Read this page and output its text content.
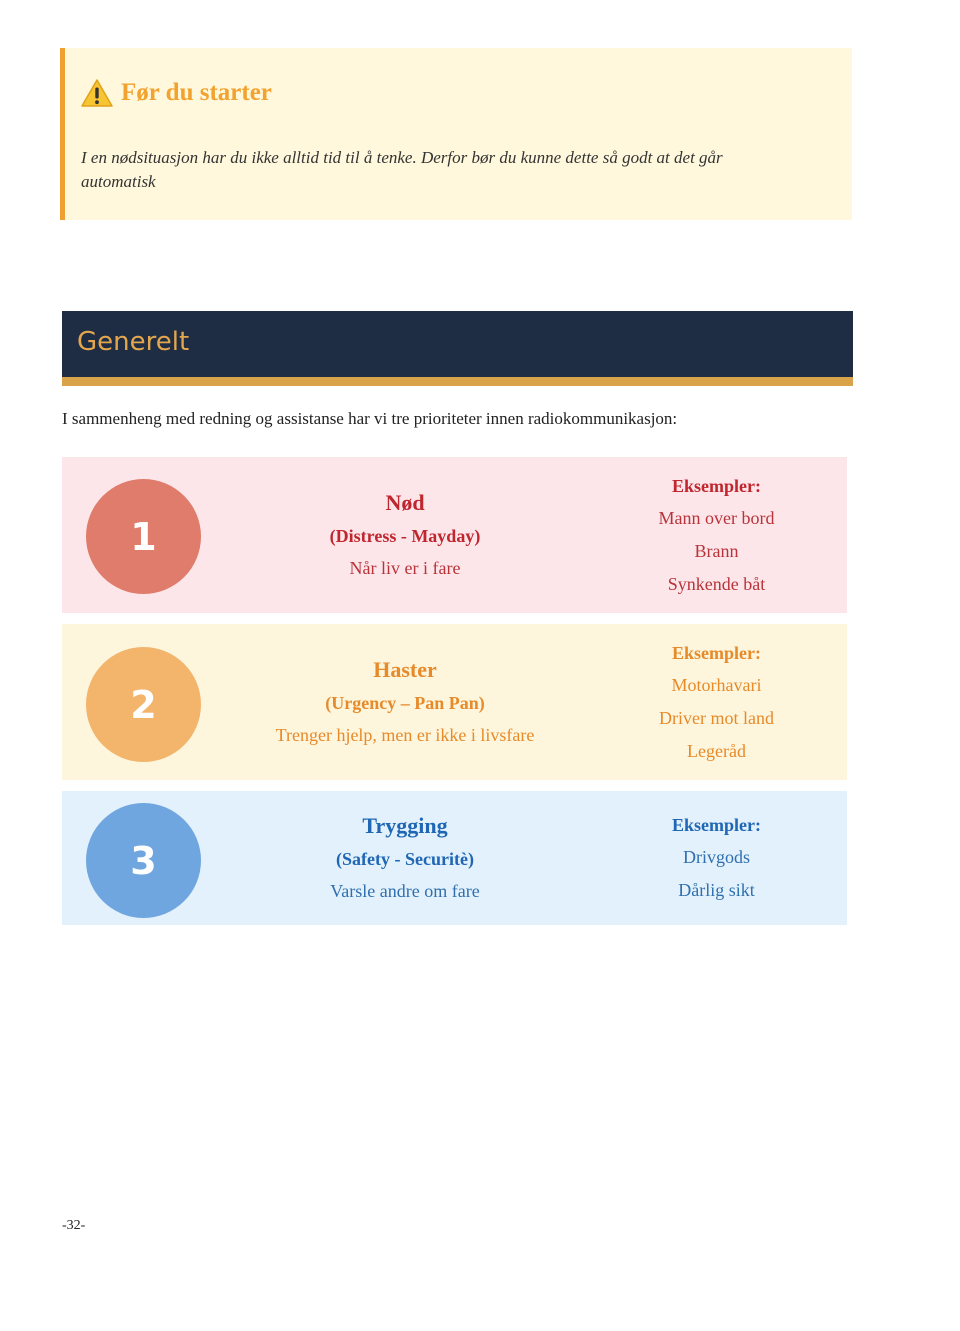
Før du starter
I en nødsituasjon har du ikke alltid tid til å tenke. Derfor bør du kunne dette så godt at det går automatisk
Generelt
I sammenheng med redning og assistanse har vi tre prioriteter innen radiokommunikasjon:
1
Nød
(Distress - Mayday)
Når liv er i fare
Eksempler:
Mann over bord
Brann
Synkende båt
2
Haster
(Urgency – Pan Pan)
Trenger hjelp, men er ikke i livsfare
Eksempler:
Motorhavari
Driver mot land
Legeråd
3
Trygging
(Safety - Securitè)
Varsle andre om fare
Eksempler:
Drivgods
Dårlig sikt
-32-
